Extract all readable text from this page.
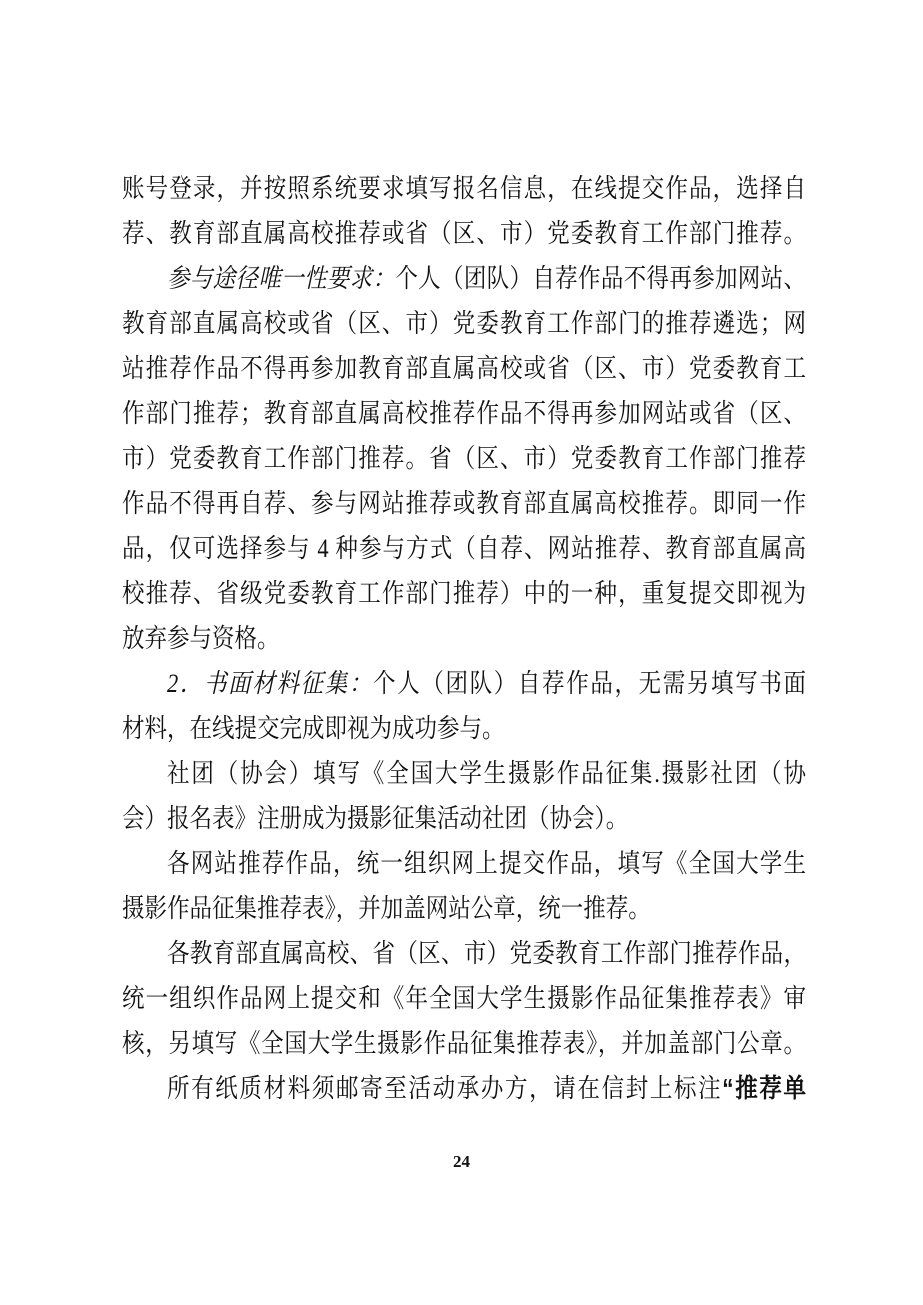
账号登录，并按照系统要求填写报名信息，在线提交作品，选择自
荐、教育部直属高校推荐或省（区、市）党委教育工作部门推荐。
参与途径唯一性要求：个人（团队）自荐作品不得再参加网站、
教育部直属高校或省（区、市）党委教育工作部门的推荐遴选；网
站推荐作品不得再参加教育部直属高校或省（区、市）党委教育工
作部门推荐；教育部直属高校推荐作品不得再参加网站或省（区、
市）党委教育工作部门推荐。省（区、市）党委教育工作部门推荐
作品不得再自荐、参与网站推荐或教育部直属高校推荐。即同一作
品，仅可选择参与 4 种参与方式（自荐、网站推荐、教育部直属高
校推荐、省级党委教育工作部门推荐）中的一种，重复提交即视为
放弃参与资格。
2．书面材料征集：个人（团队）自荐作品，无需另填写书面
材料，在线提交完成即视为成功参与。
社团（协会）填写《全国大学生摄影作品征集.摄影社团（协
会）报名表》注册成为摄影征集活动社团（协会）。
各网站推荐作品，统一组织网上提交作品，填写《全国大学生
摄影作品征集推荐表》，并加盖网站公章，统一推荐。
各教育部直属高校、省（区、市）党委教育工作部门推荐作品，
统一组织作品网上提交和《年全国大学生摄影作品征集推荐表》审
核，另填写《全国大学生摄影作品征集推荐表》，并加盖部门公章。
所有纸质材料须邮寄至活动承办方，请在信封上标注“推荐单
24
